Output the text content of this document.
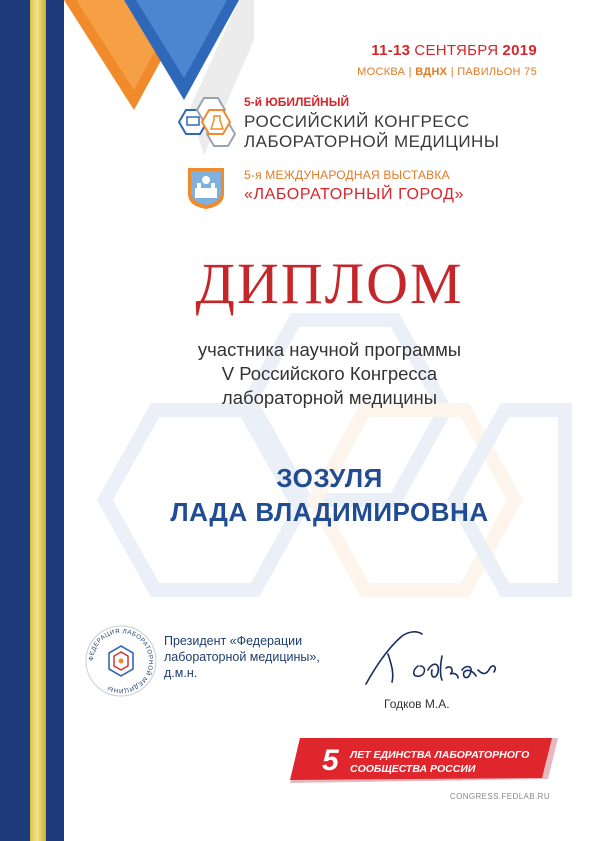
11-13 СЕНТЯБРЯ 2019
МОСКВА | ВДНХ | ПАВИЛЬОН 75
5-й ЮБИЛЕЙНЫЙ
РОССИЙСКИЙ КОНГРЕСС
ЛАБОРАТОРНОЙ МЕДИЦИНЫ
5-я МЕЖДУНАРОДНАЯ ВЫСТАВКА
«ЛАБОРАТОРНЫЙ ГОРОД»
ДИПЛОМ
участника научной программы
V Российского Конгресса
лабораторной медицины
ЗОЗУЛЯ
ЛАДА ВЛАДИМИРОВНА
ФЕДЕРАЦИЯ ЛАБОРАТОРНОЙ МЕДИЦИНЫ
Президент «Федерации
лабораторной медицины»,
д.м.н.
Годков М.А.
5 ЛЕТ ЕДИНСТВА ЛАБОРАТОРНОГО
СООБЩЕСТВА РОССИИ
CONGRESS.FEDLAB.RU
